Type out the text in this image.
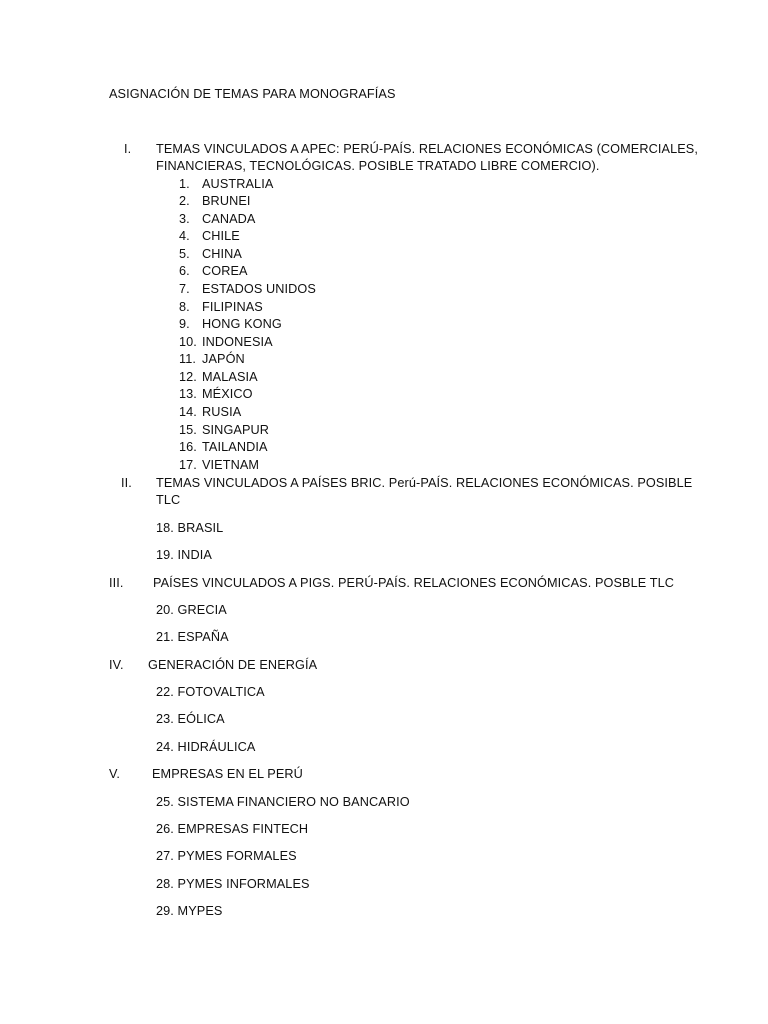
ASIGNACIÓN DE TEMAS PARA MONOGRAFÍAS
I. TEMAS VINCULADOS A APEC: PERÚ-PAÍS. RELACIONES ECONÓMICAS (COMERCIALES,
FINANCIERAS, TECNOLÓGICAS. POSIBLE TRATADO LIBRE COMERCIO).
1. AUSTRALIA
2. BRUNEI
3. CANADA
4. CHILE
5. CHINA
6. COREA
7. ESTADOS UNIDOS
8. FILIPINAS
9. HONG KONG
10. INDONESIA
11. JAPÓN
12. MALASIA
13. MÉXICO
14. RUSIA
15. SINGAPUR
16. TAILANDIA
17. VIETNAM
II. TEMAS VINCULADOS A PAÍSES BRIC. Perú-PAÍS. RELACIONES ECONÓMICAS. POSIBLE
TLC
18. BRASIL
19. INDIA
III. PAÍSES VINCULADOS A PIGS. PERÚ-PAÍS. RELACIONES ECONÓMICAS. POSBLE TLC
20. GRECIA
21. ESPAÑA
IV. GENERACIÓN DE ENERGÍA
22. FOTOVALTICA
23. EÓLICA
24. HIDRÁULICA
V.	EMPRESAS EN EL PERÚ
25. SISTEMA FINANCIERO NO BANCARIO
26. EMPRESAS FINTECH
27. PYMES FORMALES
28. PYMES INFORMALES
29. MYPES
